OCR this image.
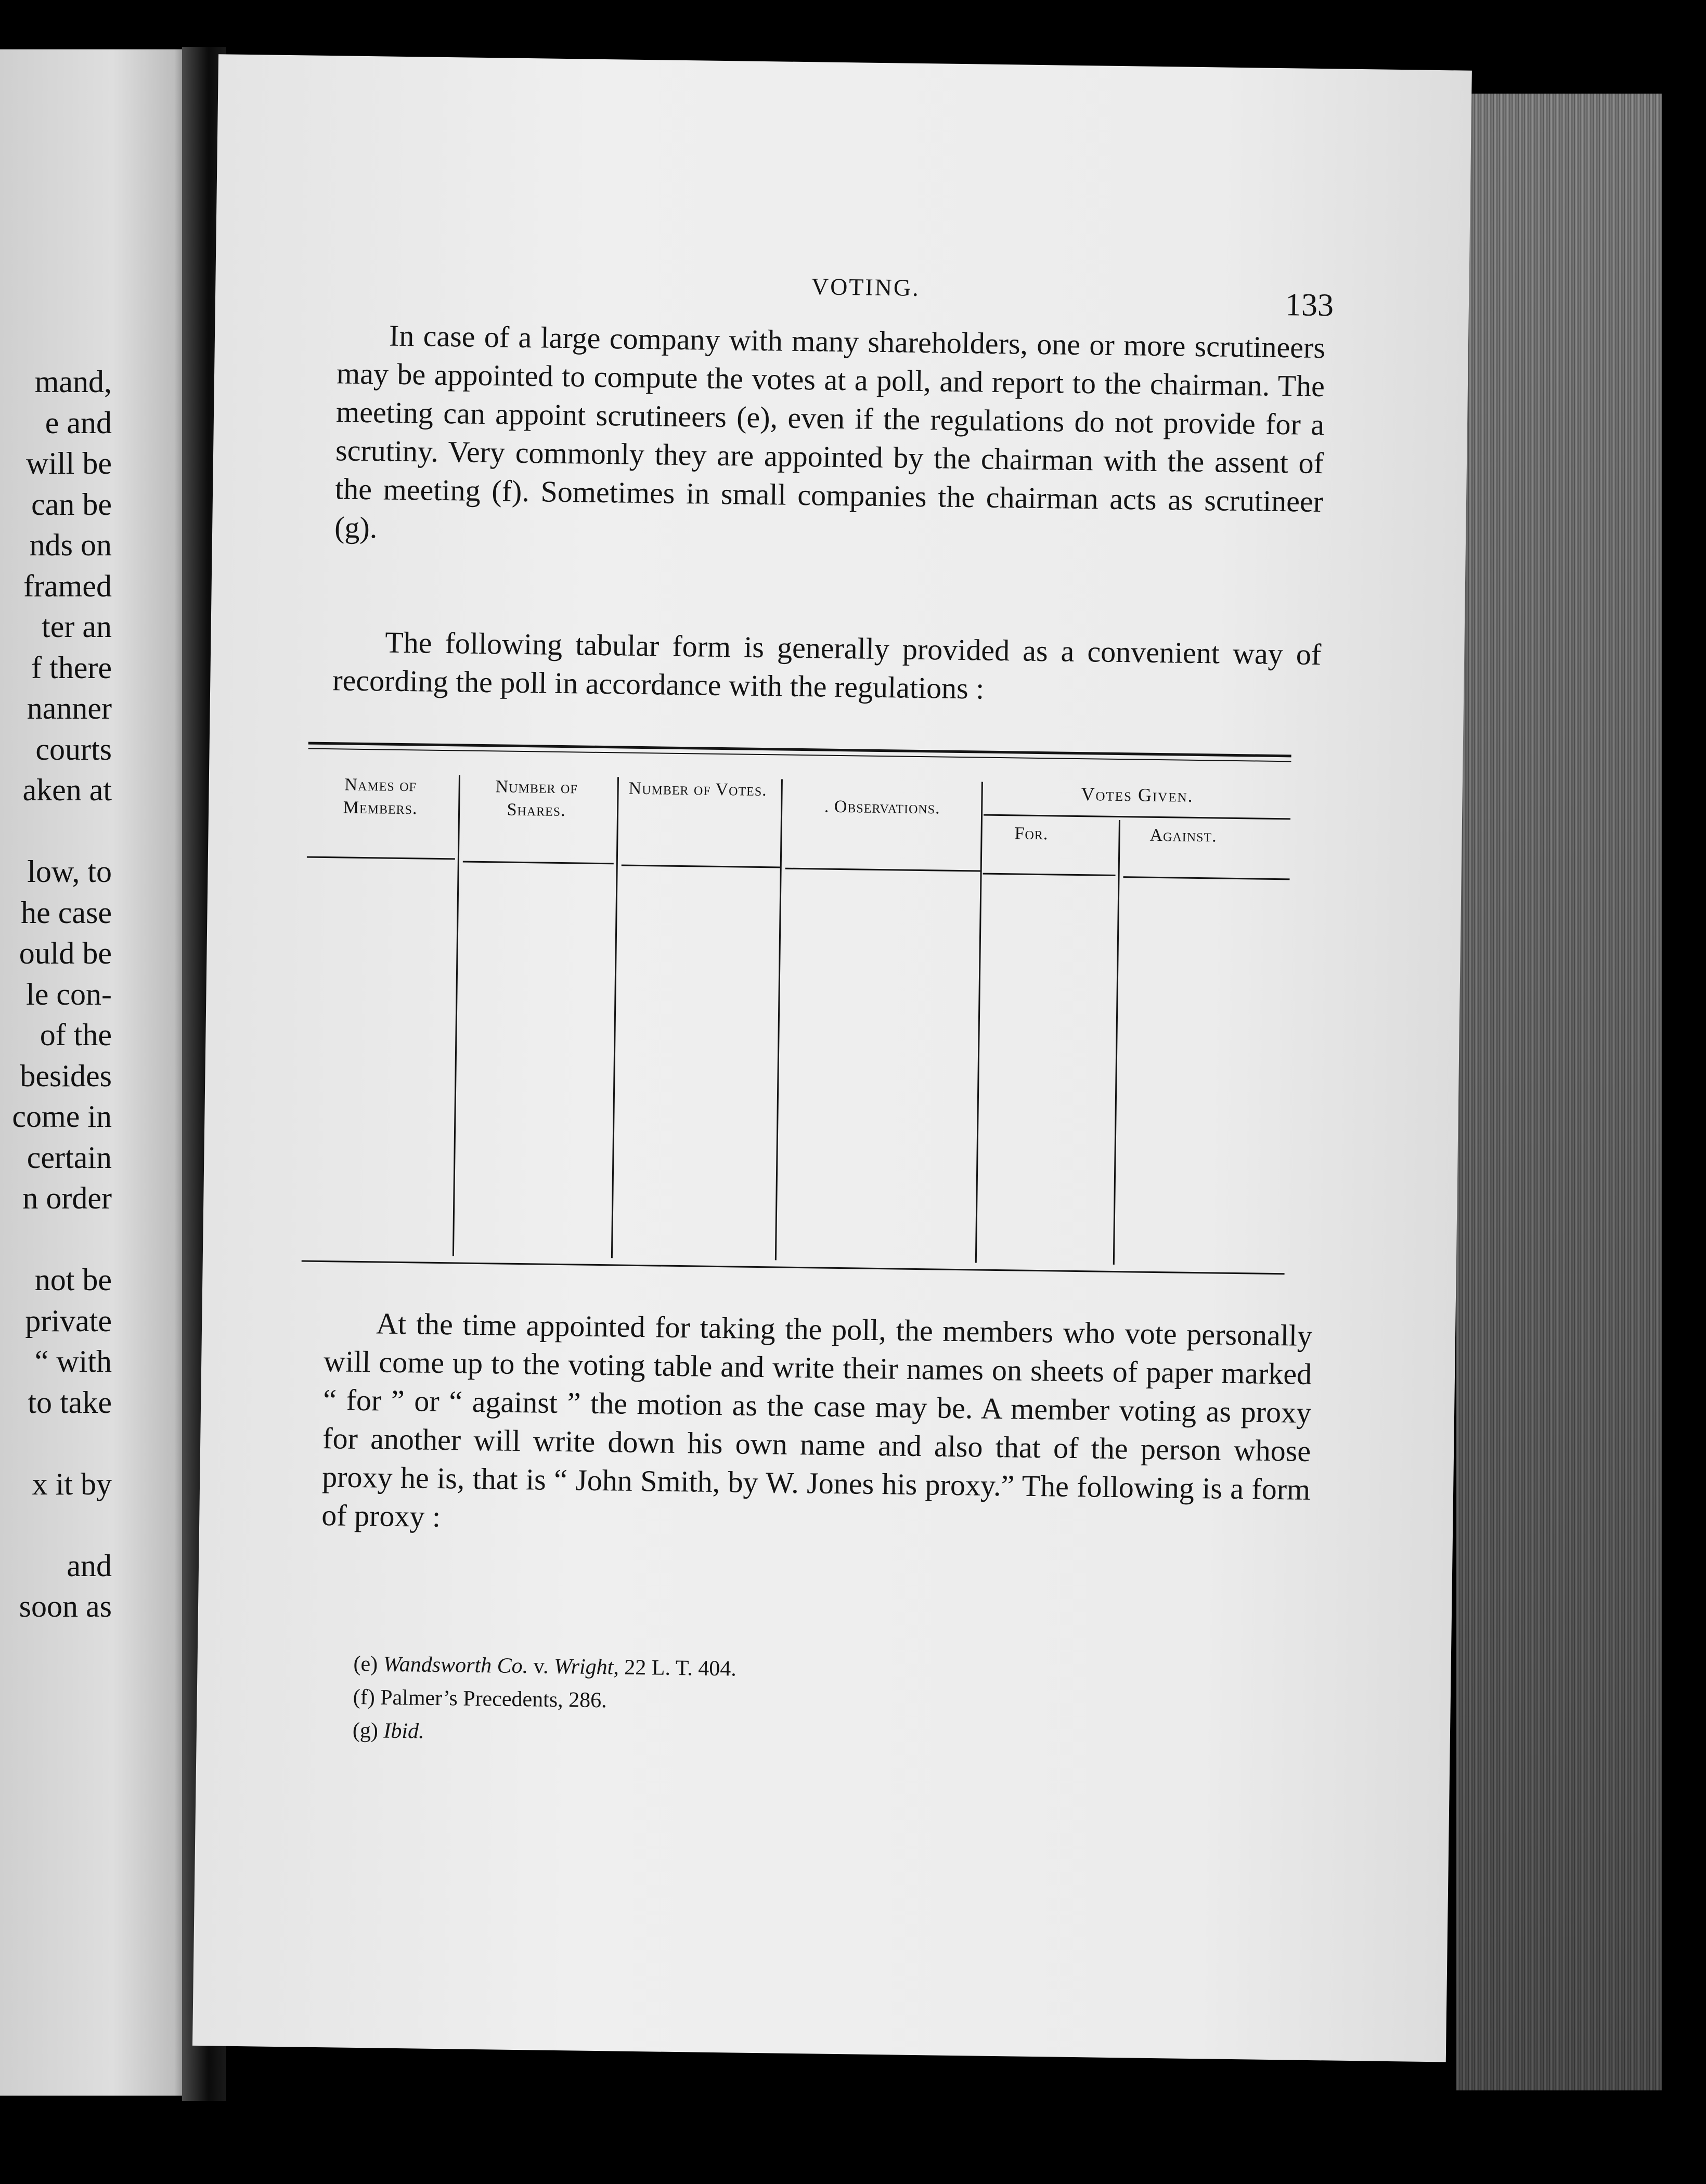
mand,
e and
will be
can be
nds on
framed
ter an
f there
nanner
courts
aken at

low, to
he case
ould be
le con-
of the
besides
come in
certain
n order

not be
private
“ with
to take

x it by

and
soon as
VOTING.
133

In case of a large company with many shareholders, one or more scrutineers may be appointed to compute the votes at a poll, and report to the chairman. The meeting can appoint scrutineers (e), even if the regulations do not provide for a scrutiny. Very commonly they are appointed by the chairman with the assent of the meeting (f). Sometimes in small companies the chairman acts as scrutineer (g).

The following tabular form is generally provided as a convenient way of recording the poll in accordance with the regulations :

Names of Members.
Number of Shares.
Number of Votes.
. Observations.
Votes Given.
For.	Against.

At the time appointed for taking the poll, the members who vote personally will come up to the voting table and write their names on sheets of paper marked “ for ” or “ against ” the motion as the case may be. A member voting as proxy for another will write down his own name and also that of the person whose proxy he is, that is “ John Smith, by W. Jones his proxy.” The following is a form of proxy :

(e) Wandsworth Co. v. Wright, 22 L. T. 404.
(f) Palmer’s Precedents, 286.
(g) Ibid.
